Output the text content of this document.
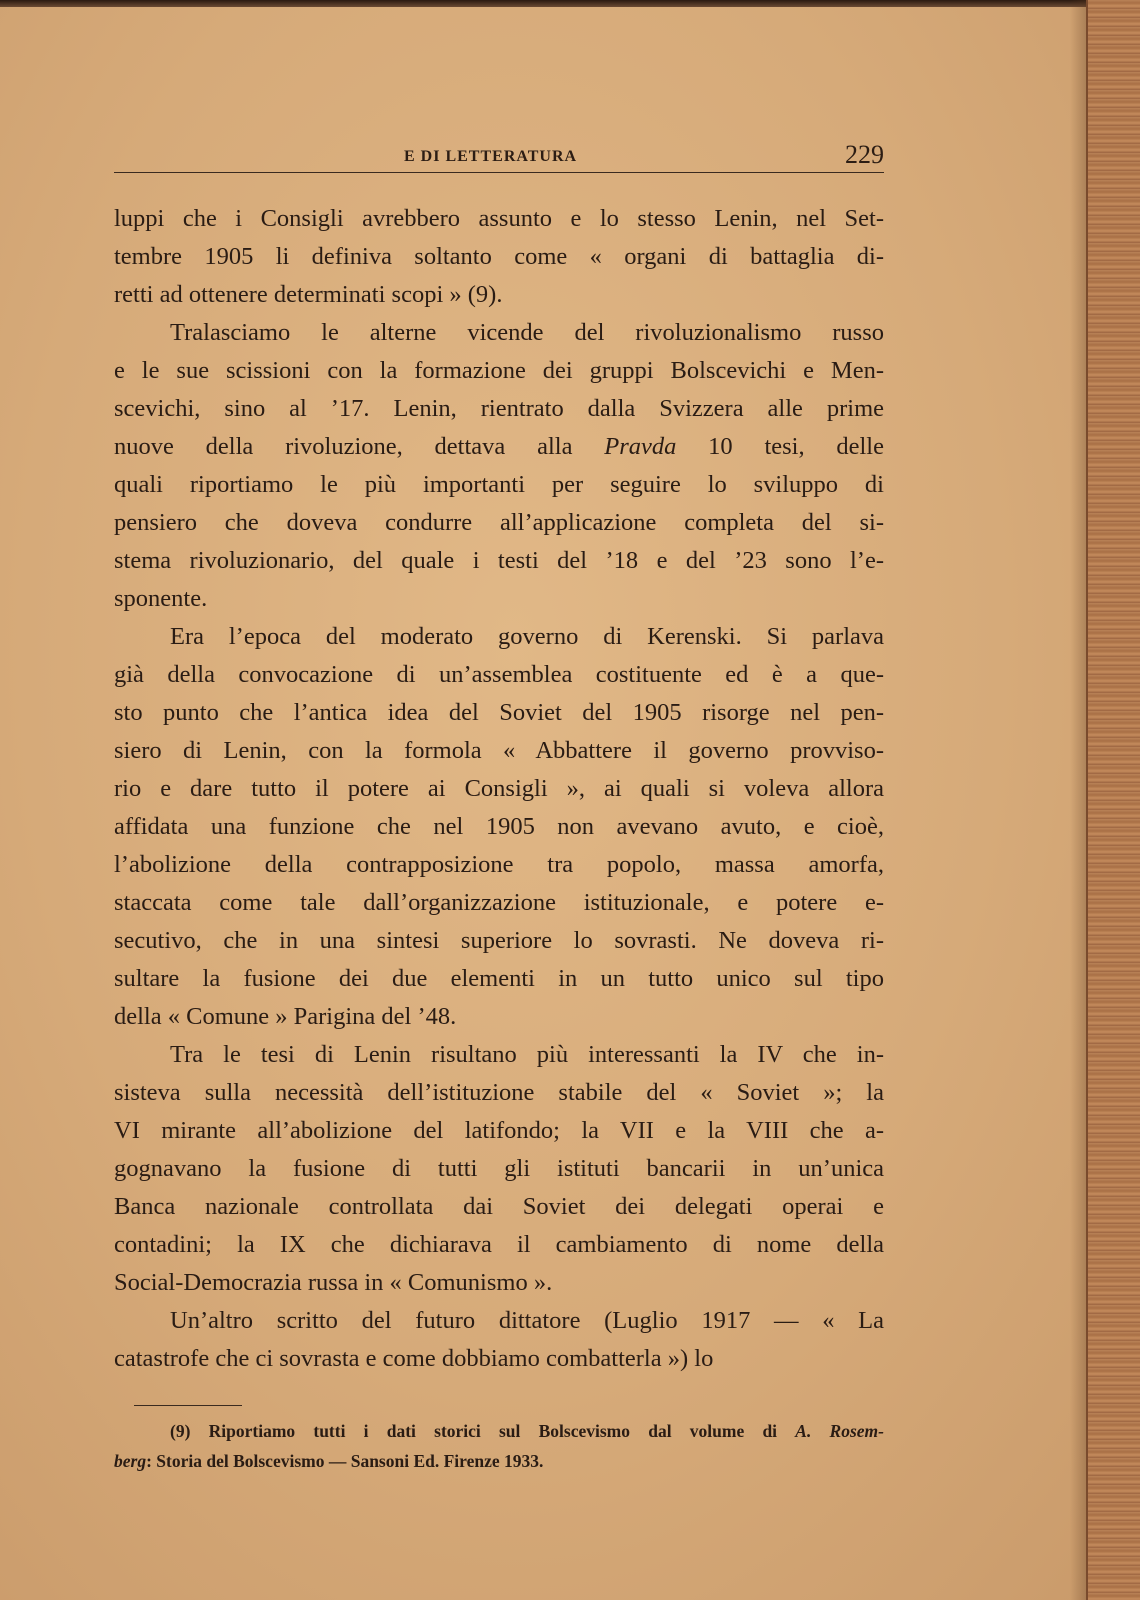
E DI LETTERATURA	229
luppi che i Consigli avrebbero assunto e lo stesso Lenin, nel Set-
tembre 1905 li definiva soltanto come « organi di battaglia di-
retti ad ottenere determinati scopi » (9).
Tralasciamo le alterne vicende del rivoluzionalismo russo
e le sue scissioni con la formazione dei gruppi Bolscevichi e Men-
scevichi, sino al ’17. Lenin, rientrato dalla Svizzera alle prime
nuove della rivoluzione, dettava alla Pravda 10 tesi, delle
quali riportiamo le più importanti per seguire lo sviluppo di
pensiero che doveva condurre all’applicazione completa del si-
stema rivoluzionario, del quale i testi del ’18 e del ’23 sono l’e-
sponente.
Era l’epoca del moderato governo di Kerenski. Si parlava
già della convocazione di un’assemblea costituente ed è a que-
sto punto che l’antica idea del Soviet del 1905 risorge nel pen-
siero di Lenin, con la formola « Abbattere il governo provviso-
rio e dare tutto il potere ai Consigli », ai quali si voleva allora
affidata una funzione che nel 1905 non avevano avuto, e cioè,
l’abolizione della contrapposizione tra popolo, massa amorfa,
staccata come tale dall’organizzazione istituzionale, e potere e-
secutivo, che in una sintesi superiore lo sovrasti. Ne doveva ri-
sultare la fusione dei due elementi in un tutto unico sul tipo
della « Comune » Parigina del ’48.
Tra le tesi di Lenin risultano più interessanti la IV che in-
sisteva sulla necessità dell’istituzione stabile del « Soviet »; la
VI mirante all’abolizione del latifondo; la VII e la VIII che a-
gognavano la fusione di tutti gli istituti bancarii in un’unica
Banca nazionale controllata dai Soviet dei delegati operai e
contadini; la IX che dichiarava il cambiamento di nome della
Social-Democrazia russa in « Comunismo ».
Un’altro scritto del futuro dittatore (Luglio 1917 — « La
catastrofe che ci sovrasta e come dobbiamo combatterla ») lo
(9) Riportiamo tutti i dati storici sul Bolscevismo dal volume di A. Rosem-
berg: Storia del Bolscevismo — Sansoni Ed. Firenze 1933.
